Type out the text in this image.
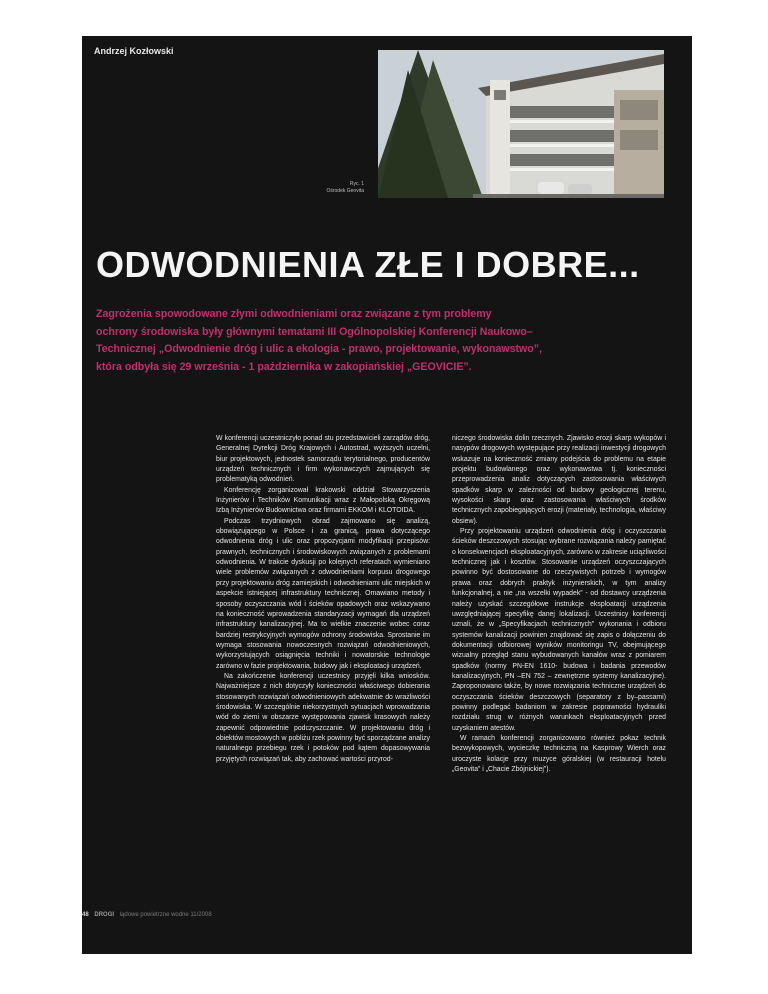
Andrzej Kozłowski
Ryc. 1
Ośrodek Geovita
ODWODNIENIA ZŁE I DOBRE...
Zagrożenia spowodowane złymi odwodnieniami oraz związane z tym problemy
ochrony środowiska były głównymi tematami III Ogólnopolskiej Konferencji Naukowo–
Technicznej „Odwodnienie dróg i ulic a ekologia - prawo, projektowanie, wykonawstwo”,
która odbyła się 29 września - 1 października w zakopiańskiej „GEOVICIE”.

W konferencji uczestniczyło ponad stu przedstawicieli zarządów dróg, Generalnej Dyrekcji Dróg Krajowych i Autostrad, wyższych uczelni, biur projektowych, jednostek samorządu terytorialnego, producentów urządzeń technicznych i firm wykonawczych zajmujących się problematyką odwodnień.

Konferencję zorganizował krakowski oddział Stowarzyszenia Inżynierów i Techników Komunikacji wraz z Małopolską Okręgową Izbą Inżynierów Budownictwa oraz firmami EKKOM i KLOTOIDA.

Podczas trzydniowych obrad zajmowano się analizą, obowiązującego w Polsce i za granicą, prawa dotyczącego odwodnienia dróg i ulic oraz propozycjami modyfikacji przepisów: prawnych, technicznych i środowiskowych związanych z problemami odwodnienia. W trakcie dyskusji po kolejnych referatach wymieniano wiele problemów związanych z odwodnieniami korpusu drogowego przy projektowaniu dróg zamiejskich i odwodnieniami ulic miejskich w aspekcie istniejącej infrastruktury technicznej. Omawiano metody i sposoby oczyszczania wód i ścieków opadowych oraz wskazywano na konieczność wprowadzenia standaryzacji wymagań dla urządzeń infrastruktury kanalizacyjnej. Ma to wielkie znaczenie wobec coraz bardziej restrykcyjnych wymogów ochrony środowiska. Sprostanie im wymaga stosowania nowoczesnych rozwiązań odwodnieniowych, wykorzystujących osiągnięcia techniki i nowatorskie technologie zarówno w fazie projektowania, budowy jak i eksploatacji urządzeń.

Na zakończenie konferencji uczestnicy przyjęli kilka wniosków. Najważniejsze z nich dotyczyły konieczności właściwego dobierania stosowanych rozwiązań odwodnieniowych adekwatnie do wrażliwości środowiska. W szczególnie niekorzystnych sytuacjach wprowadzania wód do ziemi w obszarze występowania zjawisk krasowych należy zapewnić odpowiednie podczyszczanie. W projektowaniu dróg i obiektów mostowych w pobliżu rzek powinny być sporządzane analizy naturalnego przebiegu rzek i potoków pod kątem dopasowywania przyjętych rozwiązań tak, aby zachować wartości przyrod-

niczego środowiska dolin rzecznych. Zjawisko erozji skarp wykopów i nasypów drogowych występujące przy realizacji inwestycji drogowych wskazuje na konieczność zmiany podejścia do problemu na etapie projektu budowlanego oraz wykonawstwa tj. konieczności przeprowadzenia analiz dotyczących zastosowania właściwych spadków skarp w zależności od budowy geologicznej terenu, wysokości skarp oraz zastosowania właściwych środków technicznych zapobiegających erozji (materiały, technologia, właściwy obsiew).

Przy projektowaniu urządzeń odwodnienia dróg i oczyszczania ścieków deszczowych stosując wybrane rozwiązania należy pamiętać o konsekwencjach eksploatacyjnych, zarówno w zakresie uciążliwości technicznej jak i kosztów. Stosowanie urządzeń oczyszczających powinno być dostosowane do rzeczywistych potrzeb i wymogów prawa oraz dobrych praktyk inżynierskich, w tym analizy funkcjonalnej, a nie „na wszelki wypadek” - od dostawcy urządzenia należy uzyskać szczegółowe instrukcje eksploatacji urządzenia uwzględniającej specyfikę danej lokalizacji. Uczestnicy konferencji uznali, że w „Specyfikacjach technicznych” wykonania i odbioru systemów kanalizacji powinien znajdować się zapis o dołączeniu do dokumentacji odbiorowej wyników monitoringu TV, obejmującego wizualny przegląd stanu wybudowanych kanałów wraz z pomiarem spadków (normy PN-EN 1610- budowa i badania przewodów kanalizacyjnych, PN –EN 752 – zewnętrzne systemy kanalizacyjne). Zaproponowano także, by nowe rozwiązania techniczne urządzeń do oczyszczania ścieków deszczowych (separatory z by–passami) powinny podlegać badaniom w zakresie poprawności hydrauliki rozdziału strug w różnych warunkach eksploatacyjnych przed uzyskaniem atestów.

W ramach konferencji zorganizowano również pokaz technik bezwykopowych, wycieczkę techniczną na Kasprowy Wierch oraz uroczyste kolacje przy muzyce góralskiej (w restauracji hotelu „Geovita” i „Chacie Zbójnickiej”).

48 DROGI lądowe powietrzne wodne 11/2008
